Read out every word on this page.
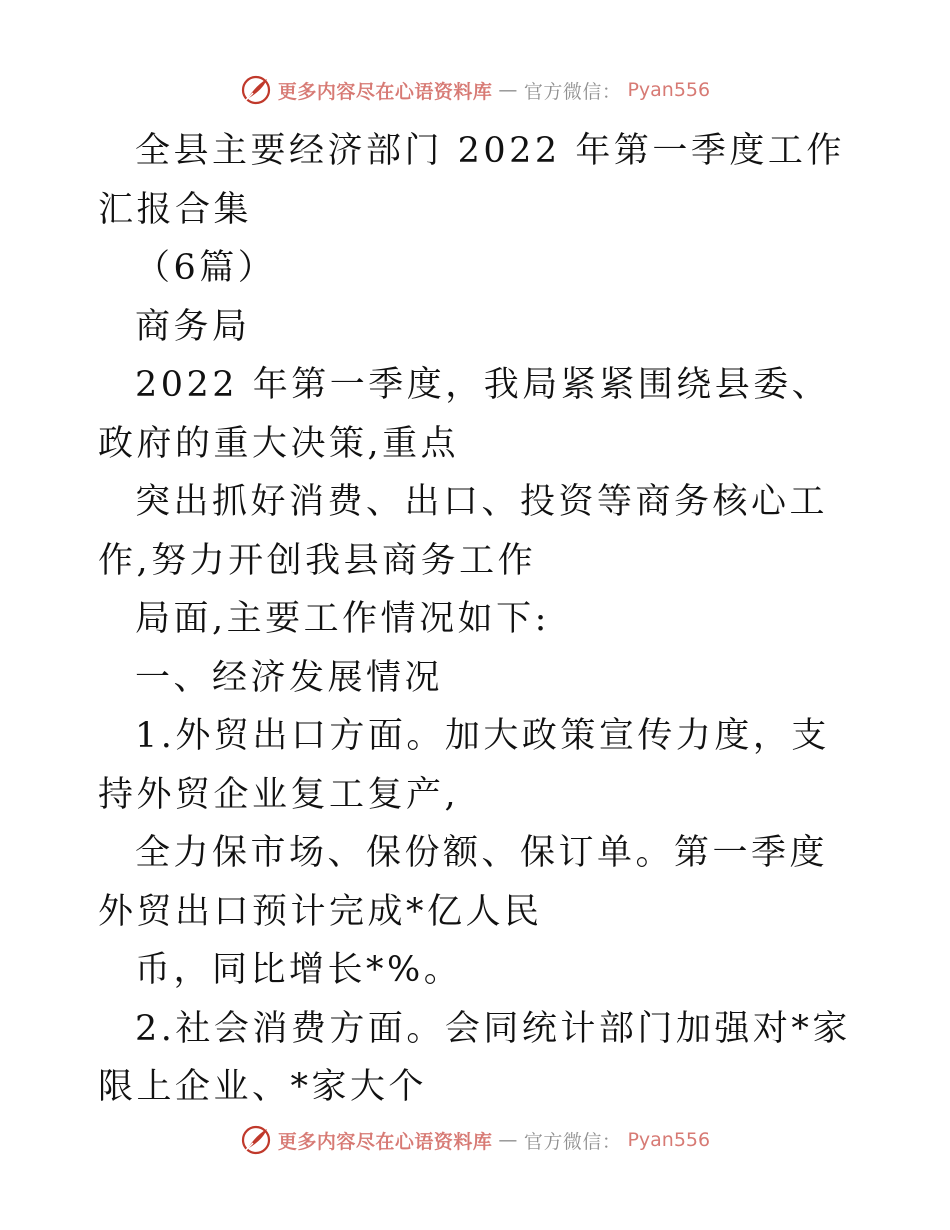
更多内容尽在心语资料库 — 官方微信： Pyan556

全县主要经济部门 2022 年第一季度工作汇报合集

（6篇）

商务局

2022 年第一季度，我局紧紧围绕县委、政府的重大决策,重点

突出抓好消费、出口、投资等商务核心工作,努力开创我县商务工作

局面,主要工作情况如下:

一、经济发展情况

1.外贸出口方面。加大政策宣传力度，支持外贸企业复工复产,

全力保市场、保份额、保订单。第一季度外贸出口预计完成*亿人民

币，同比增长*%。

2.社会消费方面。会同统计部门加强对*家限上企业、*家大个

更多内容尽在心语资料库 — 官方微信： Pyan556
